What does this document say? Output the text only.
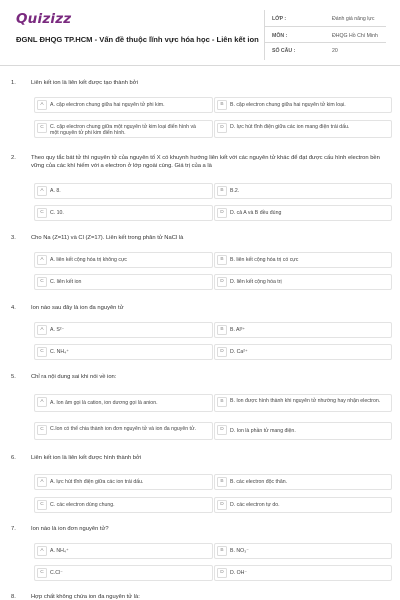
Quizizz
ĐGNL ĐHQG TP.HCM - Vấn đề thuộc lĩnh vực hóa học - Liên kết ion
LỚP :	Đánh giá năng lực
MÔN :	ĐHQG Hồ Chí Minh
SỐ CÂU :	20
1.	Liên kết ion là liên kết được tạo thành bởi
A	A. cặp electron chung giữa hai nguyên tử phi kim.	B	B. cặp electron chung giữa hai nguyên tử kim loại.
C	C. cặp electron chung giữa một nguyên tử kim loại điển hình và một nguyên tử phi kim điển hình.
D	D. lực hút tĩnh điện giữa các ion mang điện trái dấu.
2.	Theo quy tắc bát tử thì nguyên tử của nguyên tố X có khuynh hướng liên kết với các nguyên tử khác để đạt được cấu hình electron bền vững của các khí hiếm với a electron ở lớp ngoài cùng. Giá trị của a là
A	A. 8.	B	B.2.
C	C. 10.	D	D. cả A và B đều đúng
3.	Cho Na (Z=11) và Cl (Z=17). Liên kết trong phân tử NaCl là
A	A. liên kết cộng hóa trị không cực	B	B. liên kết cộng hóa trị có cực
C	C. liên kết ion	D	D. liên kết cộng hóa trị
4.	Ion nào sau đây là ion đa nguyên tử
A	A. S²⁻	B	B. Al³⁺
C	C. NH₄⁺	D	D. Ca²⁺
5.	Chỉ ra nội dung sai khi nói về ion:
A	A. Ion âm gọi là cation, ion dương gọi là anion.	B	B. Ion được hình thành khi nguyên tử nhường hay nhận electron.
C	C.Ion có thể chia thành ion đơn nguyên tử và ion đa nguyên tử.	D	D. Ion là phần tử mang điện.
6.	Liên kết ion là liên kết được hình thành bởi
A	A. lực hút tĩnh điện giữa các ion trái dấu.	B	B. các electron độc thân.
C	C. các electron dùng chung.	D	D. các electron tự do.
7.	Ion nào là ion đơn nguyên tử?
A	A. NH₄⁺	B	B. NO₃⁻
C	C.Cl⁻	D	D. OH⁻
8.	Hợp chất không chứa ion đa nguyên tử là:
